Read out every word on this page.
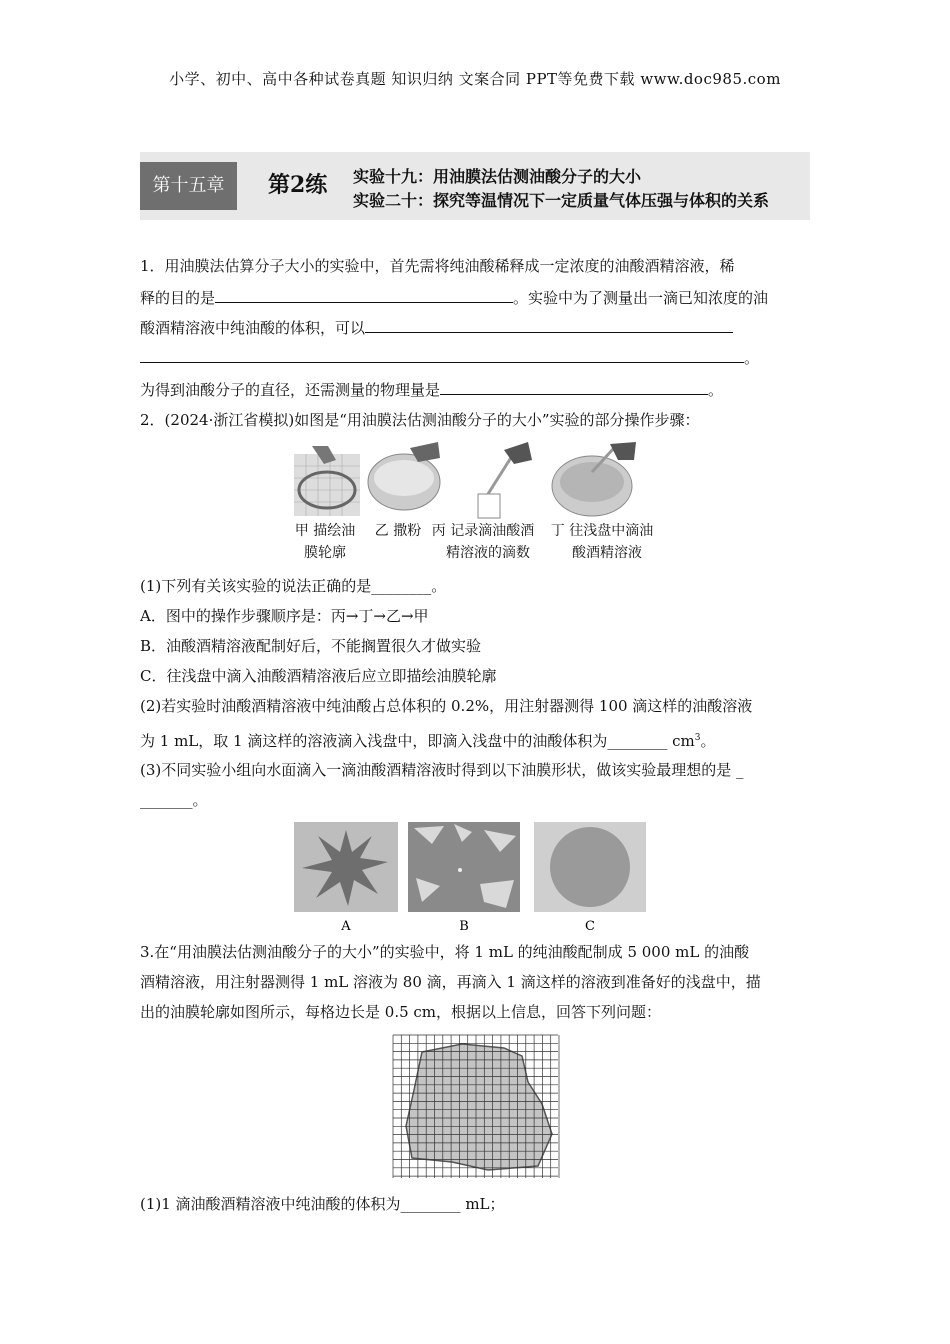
小学、初中、高中各种试卷真题 知识归纳 文案合同 PPT等免费下载 www.doc985.com
第十五章	第2练 实验十九：用油膜法估测油酸分子的大小
实验二十：探究等温情况下一定质量气体压强与体积的关系
1．用油膜法估算分子大小的实验中，首先需将纯油酸稀释成一定浓度的油酸酒精溶液，稀
释的目的是	。实验中为了测量出一滴已知浓度的油
酸酒精溶液中纯油酸的体积，可以
。
为得到油酸分子的直径，还需测量的物理量是	。
2．(2024·浙江省模拟)如图是“用油膜法估测油酸分子的大小”实验的部分操作步骤：
甲 描绘油
膜轮廓
乙 撒粉 丙 记录滴油酸酒
精溶液的滴数
丁 往浅盘中滴油
酸酒精溶液
(1)下列有关该实验的说法正确的是________。
A．图中的操作步骤顺序是：丙→丁→乙→甲
B．油酸酒精溶液配制好后，不能搁置很久才做实验
C．往浅盘中滴入油酸酒精溶液后应立即描绘油膜轮廓
(2)若实验时油酸酒精溶液中纯油酸占总体积的 0.2%，用注射器测得 100 滴这样的油酸溶液
为 1 mL，取 1 滴这样的溶液滴入浅盘中，即滴入浅盘中的油酸体积为________ $cm^3$。
(3)不同实验小组向水面滴入一滴油酸酒精溶液时得到以下油膜形状，做该实验最理想的是 _
_______。
A	B	C
3.在“用油膜法估测油酸分子的大小”的实验中，将 1 mL 的纯油酸配制成 5 000 mL 的油酸
酒精溶液，用注射器测得 1 mL 溶液为 80 滴，再滴入 1 滴这样的溶液到准备好的浅盘中，描
出的油膜轮廓如图所示，每格边长是 0.5 cm，根据以上信息，回答下列问题：
(1)1 滴油酸酒精溶液中纯油酸的体积为________ mL；
